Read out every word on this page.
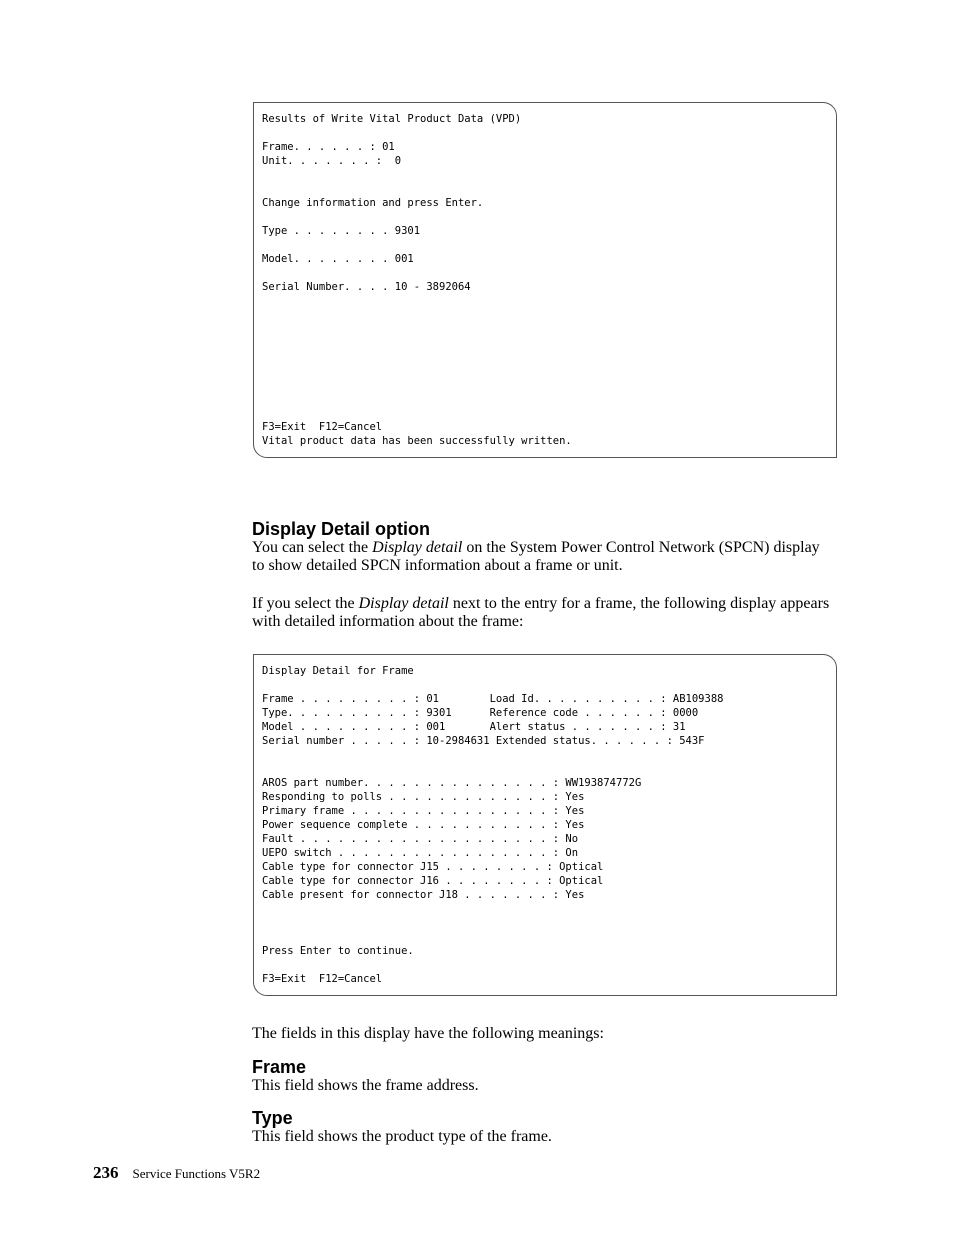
Results of Write Vital Product Data (VPD)

Frame. . . . . . : 01
Unit. . . . . . . :  0

Change information and press Enter.

Type . . . . . . . . 9301

Model. . . . . . . . 001

Serial Number. . . . 10 - 3892064

F3=Exit  F12=Cancel
Vital product data has been successfully written.
Display Detail option

You can select the Display detail on the System Power Control Network (SPCN) display to show detailed SPCN information about a frame or unit.

If you select the Display detail next to the entry for a frame, the following display appears with detailed information about the frame:

Display Detail for Frame

Frame . . . . . . . . . : 01        Load Id. . . . . . . . . . : AB109388
Type. . . . . . . . . . : 9301      Reference code . . . . . . : 0000
Model . . . . . . . . . : 001       Alert status . . . . . . . : 31
Serial number . . . . . : 10-2984631 Extended status. . . . . . : 543F

AROS part number. . . . . . . . . . . . . . . : WW193874772G
Responding to polls . . . . . . . . . . . . . : Yes
Primary frame . . . . . . . . . . . . . . . . : Yes
Power sequence complete . . . . . . . . . . . : Yes
Fault . . . . . . . . . . . . . . . . . . . . : No
UEPO switch . . . . . . . . . . . . . . . . . : On
Cable type for connector J15 . . . . . . . . : Optical
Cable type for connector J16 . . . . . . . . : Optical
Cable present for connector J18 . . . . . . . : Yes

Press Enter to continue.

F3=Exit  F12=Cancel

The fields in this display have the following meanings:

Frame

This field shows the frame address.

Type

This field shows the product type of the frame.

236 Service Functions V5R2
